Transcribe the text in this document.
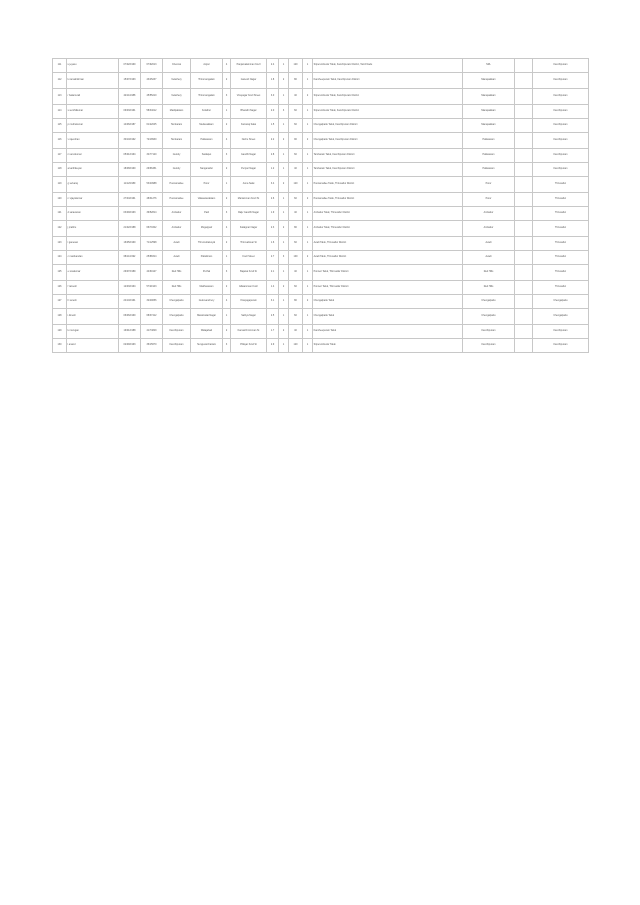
111	u jeyasu	07/02/1990	67/92013	Chennai	Adyar	4	Panjamalamman Kovil	2.4	1	120	1	Sriperumbudur Taluk, Kanchipuram District, Tamil Nadu	SRL		Kanchipuram
112	k ramakrishnan	15/07/1993	43/45237	Velachery	Thirumangalam	2	Ganesh Nagar	1.8	2	80	1	Kancheepuram Taluk, Kanchipuram District	Manapakkam		Kanchipuram
113	r balamurali	22/11/1988	45/55210	Velachery	Thirumangalam	3	Vinayagar Kovil Street	3.0	1	40	2	Sriperumbudur Taluk, Kanchipuram District	Manapakkam		Kanchipuram
114	s senthilkumar	09/03/1991	58/34012	Madipakkam	Kolathur	1	Bharathi Nagar	2.0	3	60	1	Sriperumbudur Taluk, Kanchipuram District	Manapakkam		Kanchipuram
115	p muthukumar	14/06/1987	61/22045	Tambaram	Medavakkam	2	Kamaraj Salai	1.5	1	60	1	Chengalpattu Taluk, Kanchipuram District	Manapakkam		Kanchipuram
116	v rajendran	30/10/1992	72/18930	Tambaram	Pallavaram	4	Nehru Street	2.2	2	90	2	Chengalpattu Taluk, Kanchipuram District	Pallavaram		Kanchipuram
117	m arunkumar	05/01/1994	34/77120	Guindy	Saidapet	3	Gandhi Nagar	2.8	1	60	1	Tambaram Taluk, Kanchipuram District	Pallavaram		Kanchipuram
118	a karthikeyan	18/08/1990	29/66451	Guindy	Nanganallur	2	Periyar Nagar	1.2	1	40	1	Tambaram Taluk, Kanchipuram District	Pallavaram		Kanchipuram
119	g selvaraj	11/12/1989	53/40988	Poonamallee	Porur	1	Anna Salai	3.4	2	120	1	Poonamallee Taluk, Thiruvallur District	Porur		Thiruvallur
120	n vijayakumar	27/04/1991	48/31276	Poonamallee	Valasaravakkam	2	Mariamman Kovil St	2.6	1	60	2	Poonamallee Taluk, Thiruvallur District	Porur		Thiruvallur
121	d saravanan	03/09/1993	39/52814	Ambattur	Padi	3	Rajiv Gandhi Nagar	1.9	1	40	1	Ambattur Taluk, Thiruvallur District	Ambattur		Thiruvallur
122	j prabhu	21/02/1988	66/70342	Ambattur	Mogappair	4	Kalaignar Nagar	2.3	2	80	1	Ambattur Taluk, Thiruvallur District	Ambattur		Thiruvallur
123	t ganesan	16/05/1990	71/12598	Avadi	Thirumullaivoyal	2	Thiruvalluvar St	1.6	1	60	1	Avadi Taluk, Thiruvallur District	Avadi		Thiruvallur
124	c manikandan	08/11/1992	25/88314	Avadi	Pattabiram	1	Kovil Street	2.7	3	100	2	Avadi Taluk, Thiruvallur District	Avadi		Thiruvallur
125	e sivakumar	29/07/1989	44/60127	Red Hills	Puzhal	3	Bajanai Kovil St	2.1	1	40	1	Ponneri Taluk, Thiruvallur District	Red Hills		Thiruvallur
126	f ramesh	12/03/1994	57/21943	Red Hills	Madhavaram	2	Ellaiamman Kovil	1.4	2	60	1	Ponneri Taluk, Thiruvallur District	Red Hills		Thiruvallur
127	h suresh	24/10/1991	32/49056	Chengalpattu	Guduvanchery	4	Vinayagapuram	3.1	1	80	2	Chengalpattu Taluk	Chengalpattu		Chengalpattu
128	i dinesh	06/06/1990	68/37412	Chengalpattu	Maraimalai Nagar	1	Sathya Nagar	2.5	1	60	1	Chengalpattu Taluk	Chengalpattu		Chengalpattu
129	k murugan	19/01/1988	41/74829	Kanchipuram	Walajabad	2	Kamatchi Amman St	1.7	2	40	1	Kancheepuram Taluk	Kanchipuram		Kanchipuram
130	l anand	02/09/1993	36/15670	Kanchipuram	Sunguvarchatram	3	Pillayar Kovil St	2.9	1	120	1	Sriperumbudur Taluk	Kanchipuram		Kanchipuram
